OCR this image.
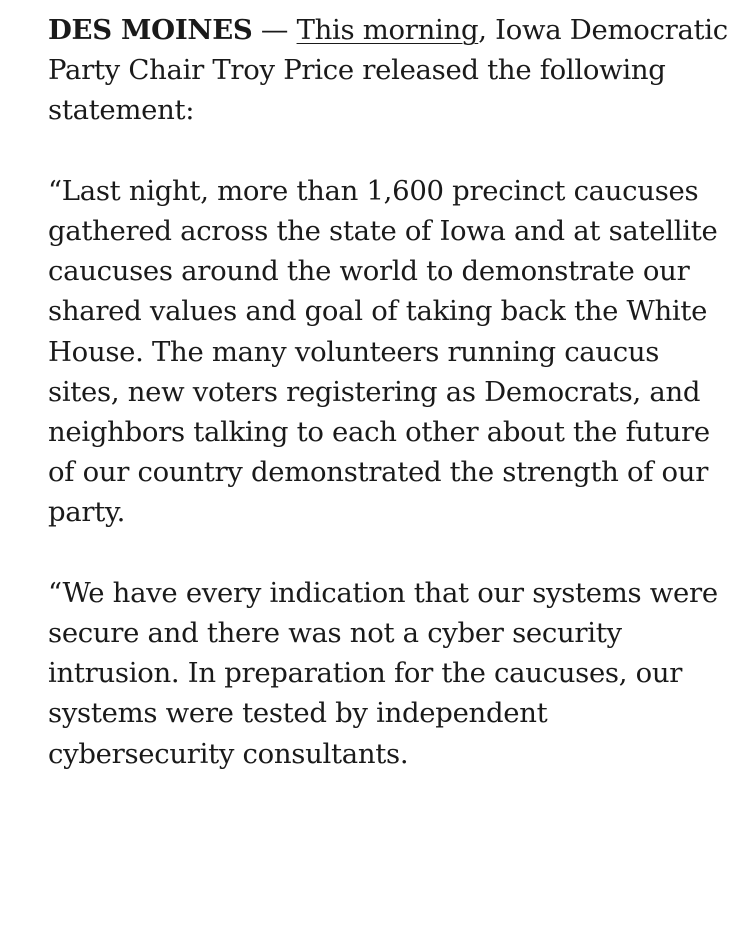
DES MOINES — This morning, Iowa Democratic Party Chair Troy Price released the following statement:

“Last night, more than 1,600 precinct caucuses gathered across the state of Iowa and at satellite caucuses around the world to demonstrate our shared values and goal of taking back the White House. The many volunteers running caucus sites, new voters registering as Democrats, and neighbors talking to each other about the future of our country demonstrated the strength of our party.

“We have every indication that our systems were secure and there was not a cyber security intrusion. In preparation for the caucuses, our systems were tested by independent cybersecurity consultants.
